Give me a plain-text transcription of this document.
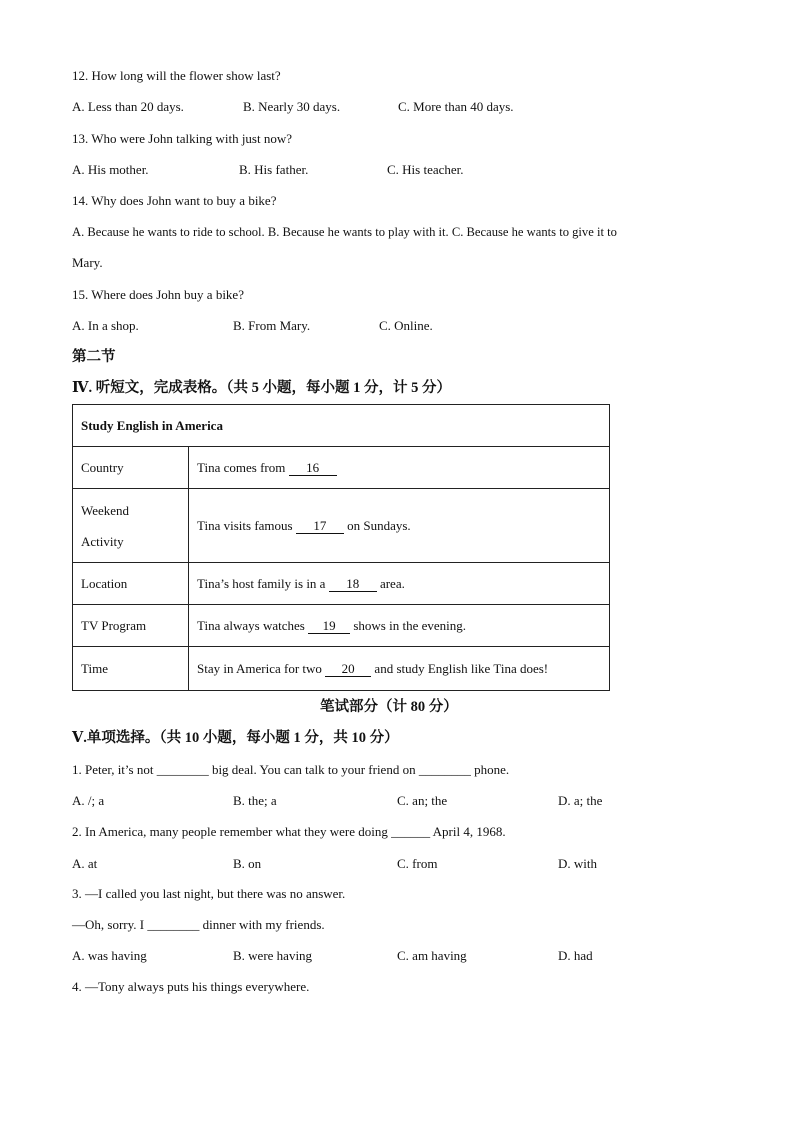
12. How long will the flower show last?
A. Less than 20 days.	B. Nearly 30 days.	C. More than 40 days.
13. Who were John talking with just now?
A. His mother.	B. His father.	C. His teacher.
14. Why does John want to buy a bike?
A. Because he wants to ride to school. B. Because he wants to play with it. C. Because he wants to give it to
Mary.
15. Where does John buy a bike?
A. In a shop.	B. From Mary.	C. Online.
第二节
Ⅳ. 听短文，完成表格。（共 5 小题，每小题 1 分，计 5 分）
Study English in America	
Country	Tina comes from 16

Weekend
Activity	Tina visits famous 17 on Sundays.
Location	Tina’s host family is in a 18 area.
TV Program	Tina always watches 19 shows in the evening.
Time	Stay in America for two 20 and study English like Tina does!
笔试部分（计 80 分）
Ⅴ.单项选择。（共 10 小题，每小题 1 分，共 10 分）
1. Peter, it’s not ________ big deal. You can talk to your friend on ________ phone.
A. /; a	B. the; a	C. an; the	D. a; the
2. In America, many people remember what they were doing ______ April 4, 1968.
A. at	B. on	C. from	D. with
3. —I called you last night, but there was no answer.
—Oh, sorry. I ________ dinner with my friends.
A. was having	B. were having	C. am having	D. had
4. —Tony always puts his things everywhere.
